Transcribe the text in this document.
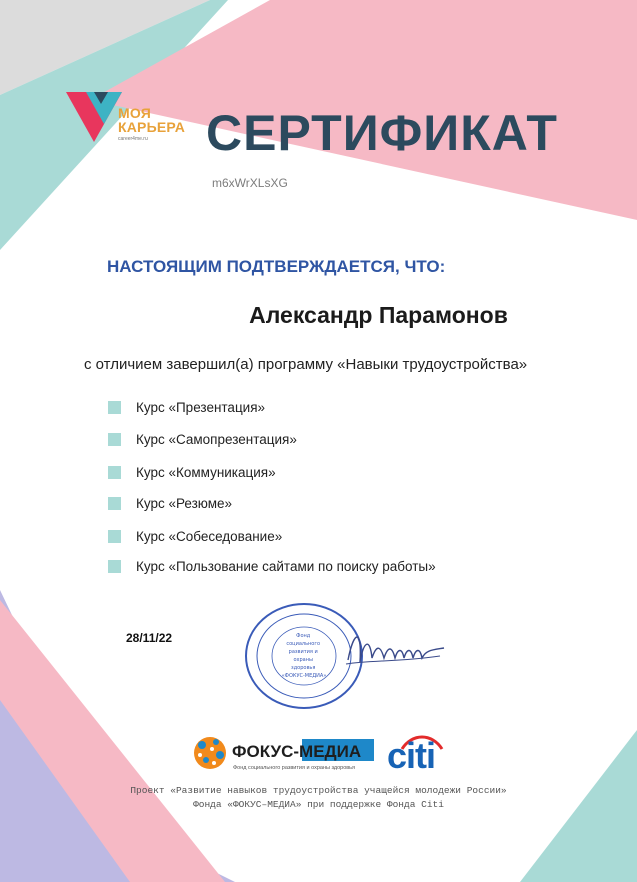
МОЯ
КАРЬЕРА
career4me.ru СЕРТИФИКАТ
m6xWrXLsXG
НАСТОЯЩИМ ПОДТВЕРЖДАЕТСЯ, ЧТО:
Александр Парамонов
с отличием завершил(а) программу «Навыки трудоустройства»
Курс «Презентация»
Курс «Самопрезентация»
Курс «Коммуникация»
Курс «Резюме»
Курс «Собеседование»
Курс «Пользование сайтами по поиску работы»
28/11/22	Фонд социального развития и охраны здоровья «ФОКУС-МЕДИА»
ФОКУС-МЕДИА
Фонд социального развития и охраны здоровья citi
Проект «Развитие навыков трудоустройства учащейся молодежи России»
Фонда «ФОКУС–МЕДИА» при поддержке Фонда Citi
